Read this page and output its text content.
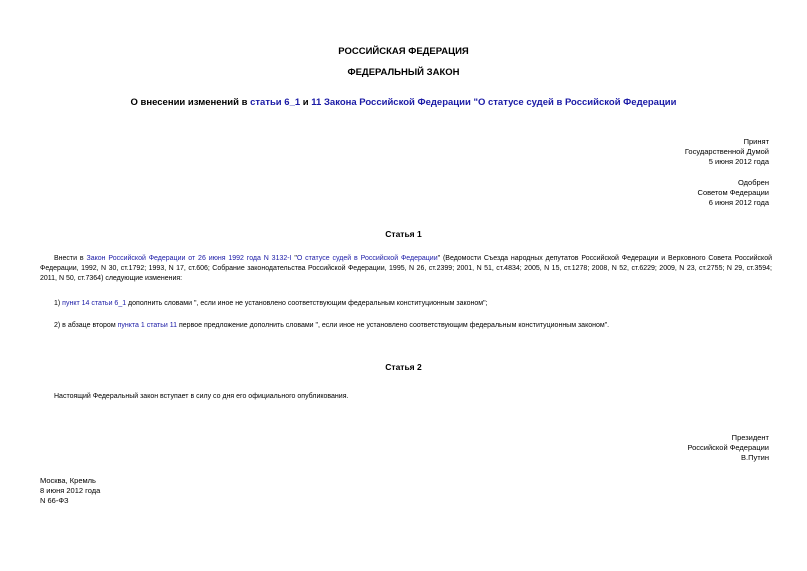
РОССИЙСКАЯ ФЕДЕРАЦИЯ
ФЕДЕРАЛЬНЫЙ ЗАКОН
О внесении изменений в статьи 6_1 и 11 Закона Российской Федерации "О статусе судей в Российской Федерации
Принят
Государственной Думой
5 июня 2012 года
Одобрен
Советом Федерации
6 июня 2012 года
Статья 1
Внести в Закон Российской Федерации от 26 июня 1992 года N 3132-I "О статусе судей в Российской Федерации" (Ведомости Съезда народных депутатов Российской Федерации и Верховного Совета Российской Федерации, 1992, N 30, ст.1792; 1993, N 17, ст.606; Собрание законодательства Российской Федерации, 1995, N 26, ст.2399; 2001, N 51, ст.4834; 2005, N 15, ст.1278; 2008, N 52, ст.6229; 2009, N 23, ст.2755; N 29, ст.3594; 2011, N 50, ст.7364) следующие изменения:
1) пункт 14 статьи 6_1 дополнить словами ", если иное не установлено соответствующим федеральным конституционным законом";
2) в абзаце втором пункта 1 статьи 11 первое предложение дополнить словами ", если иное не установлено соответствующим федеральным конституционным законом".
Статья 2
Настоящий Федеральный закон вступает в силу со дня его официального опубликования.
Президент
Российской Федерации
В.Путин
Москва, Кремль
8 июня 2012 года
N 66-ФЗ
